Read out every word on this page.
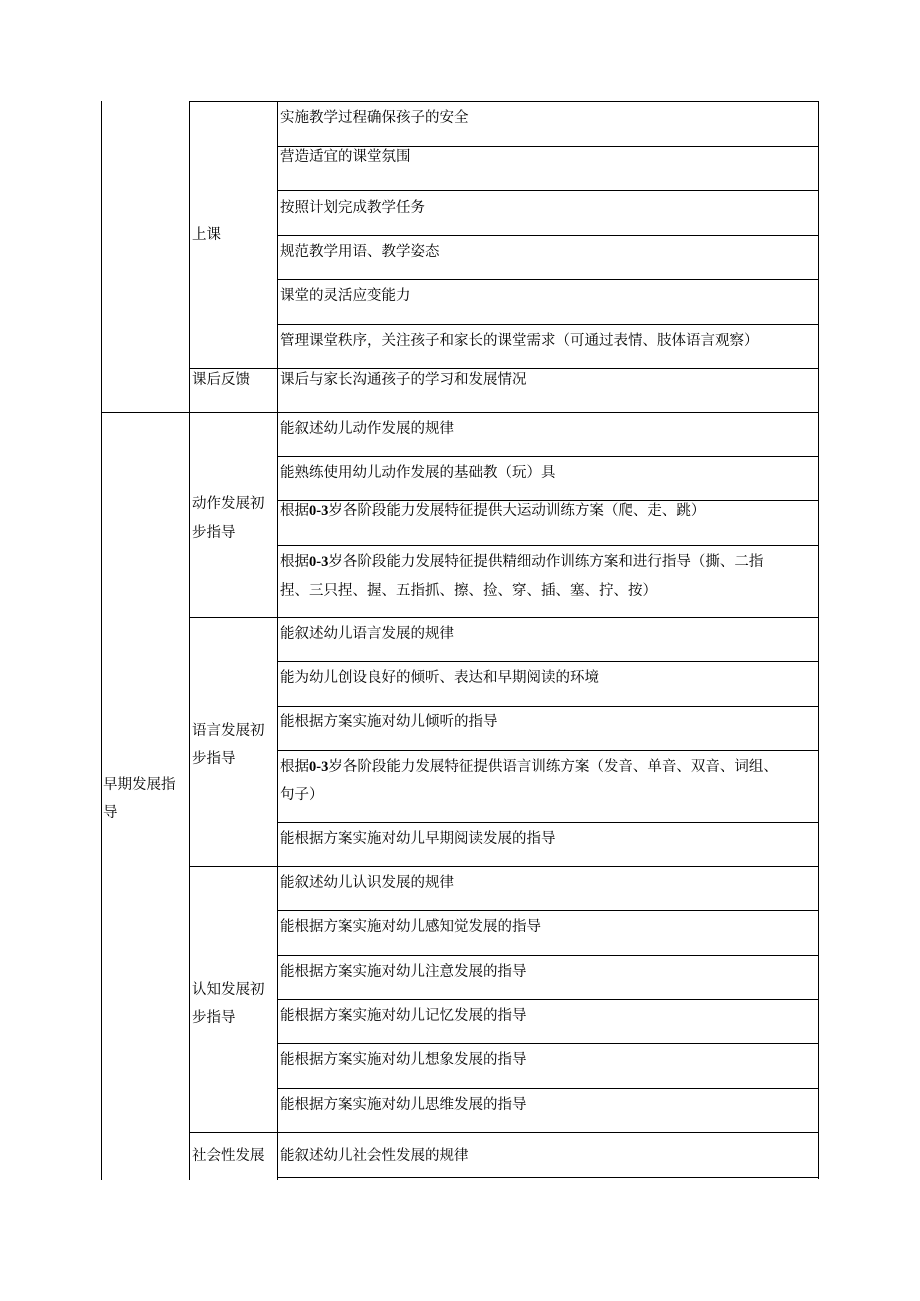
上课
课后反馈
动作发展初
步指导
语言发展初
步指导
认知发展初
步指导
社会性发展
早期发展指
导
实施教学过程确保孩子的安全
营造适宜的课堂氛围
按照计划完成教学任务
规范教学用语、教学姿态
课堂的灵活应变能力
管理课堂秩序，关注孩子和家长的课堂需求（可通过表情、肢体语言观察）
课后与家长沟通孩子的学习和发展情况
能叙述幼儿动作发展的规律
能熟练使用幼儿动作发展的基础教（玩）具
根据0-3岁各阶段能力发展特征提供大运动训练方案（爬、走、跳）
根据0-3岁各阶段能力发展特征提供精细动作训练方案和进行指导（撕、二指
捏、三只捏、握、五指抓、擦、捡、穿、插、塞、拧、按）
能叙述幼儿语言发展的规律
能为幼儿创设良好的倾听、表达和早期阅读的环境
能根据方案实施对幼儿倾听的指导
根据0-3岁各阶段能力发展特征提供语言训练方案（发音、单音、双音、词组、
句子）
能根据方案实施对幼儿早期阅读发展的指导
能叙述幼儿认识发展的规律
能根据方案实施对幼儿感知觉发展的指导
能根据方案实施对幼儿注意发展的指导
能根据方案实施对幼儿记忆发展的指导
能根据方案实施对幼儿想象发展的指导
能根据方案实施对幼儿思维发展的指导
能叙述幼儿社会性发展的规律
